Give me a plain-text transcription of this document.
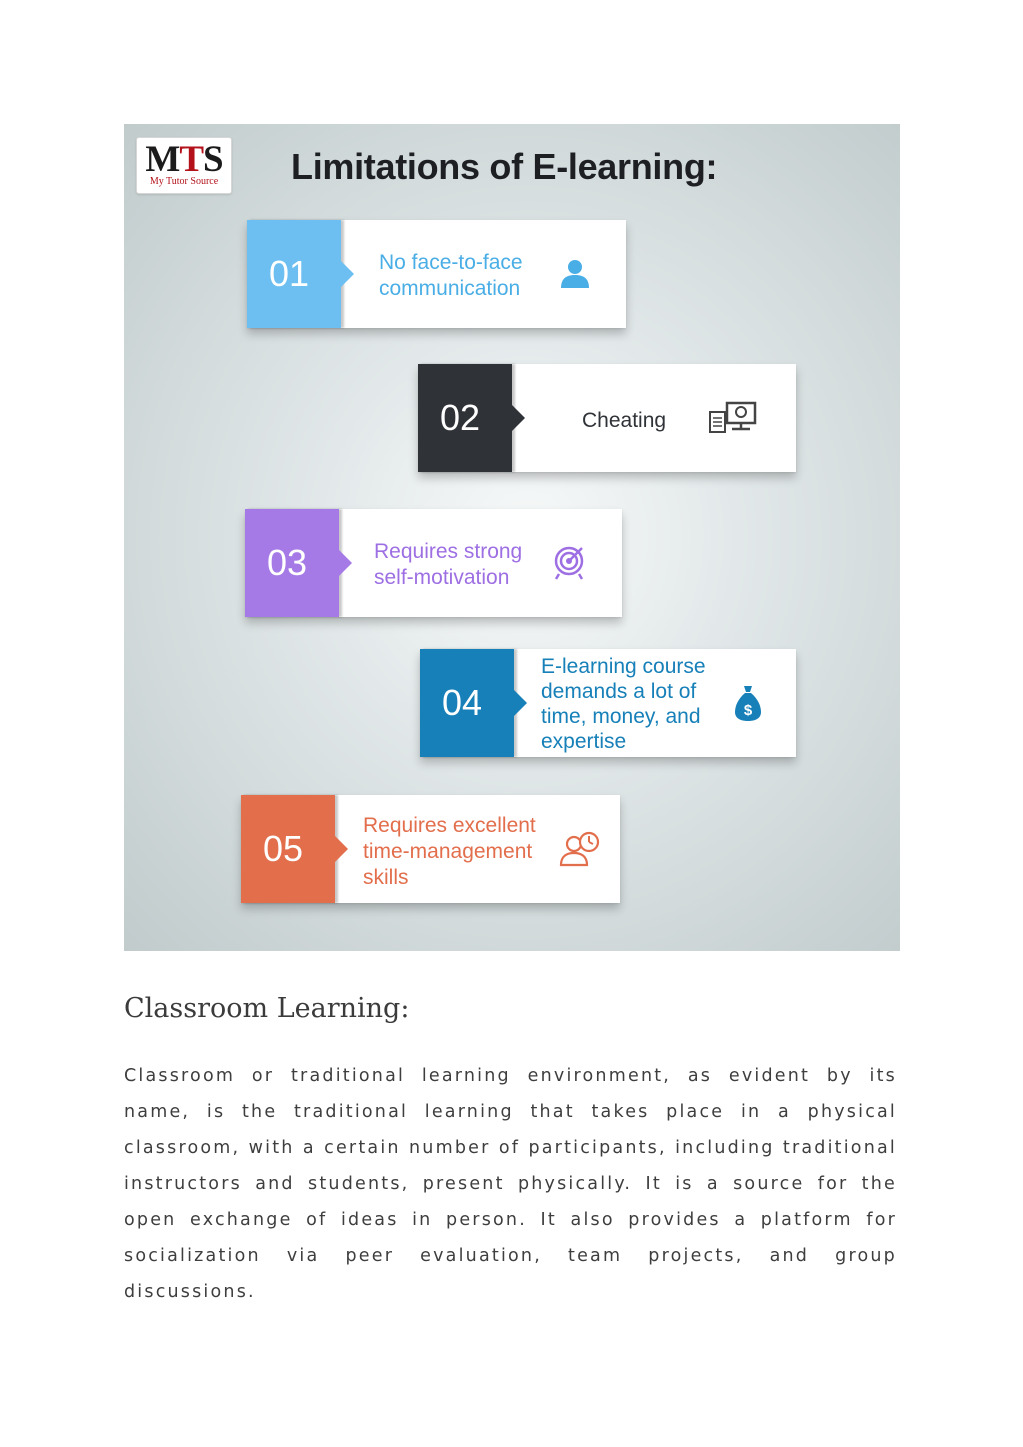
MTS
My Tutor Source	Limitations of E-learning:
01	No face-to-face communication
02	Cheating
03	Requires strong self-motivation
04
E-learning course demands a lot of time, money, and expertise
$
05
Requires excellent time-management skills
Classroom Learning:
Classroom or traditional learning environment, as evident by its name, is the traditional learning that takes place in a physical classroom, with a certain number of participants, including traditional instructors and students, present physically. It is a source for the open exchange of ideas in person. It also provides a platform for socialization via peer evaluation, team projects, and group discussions.
